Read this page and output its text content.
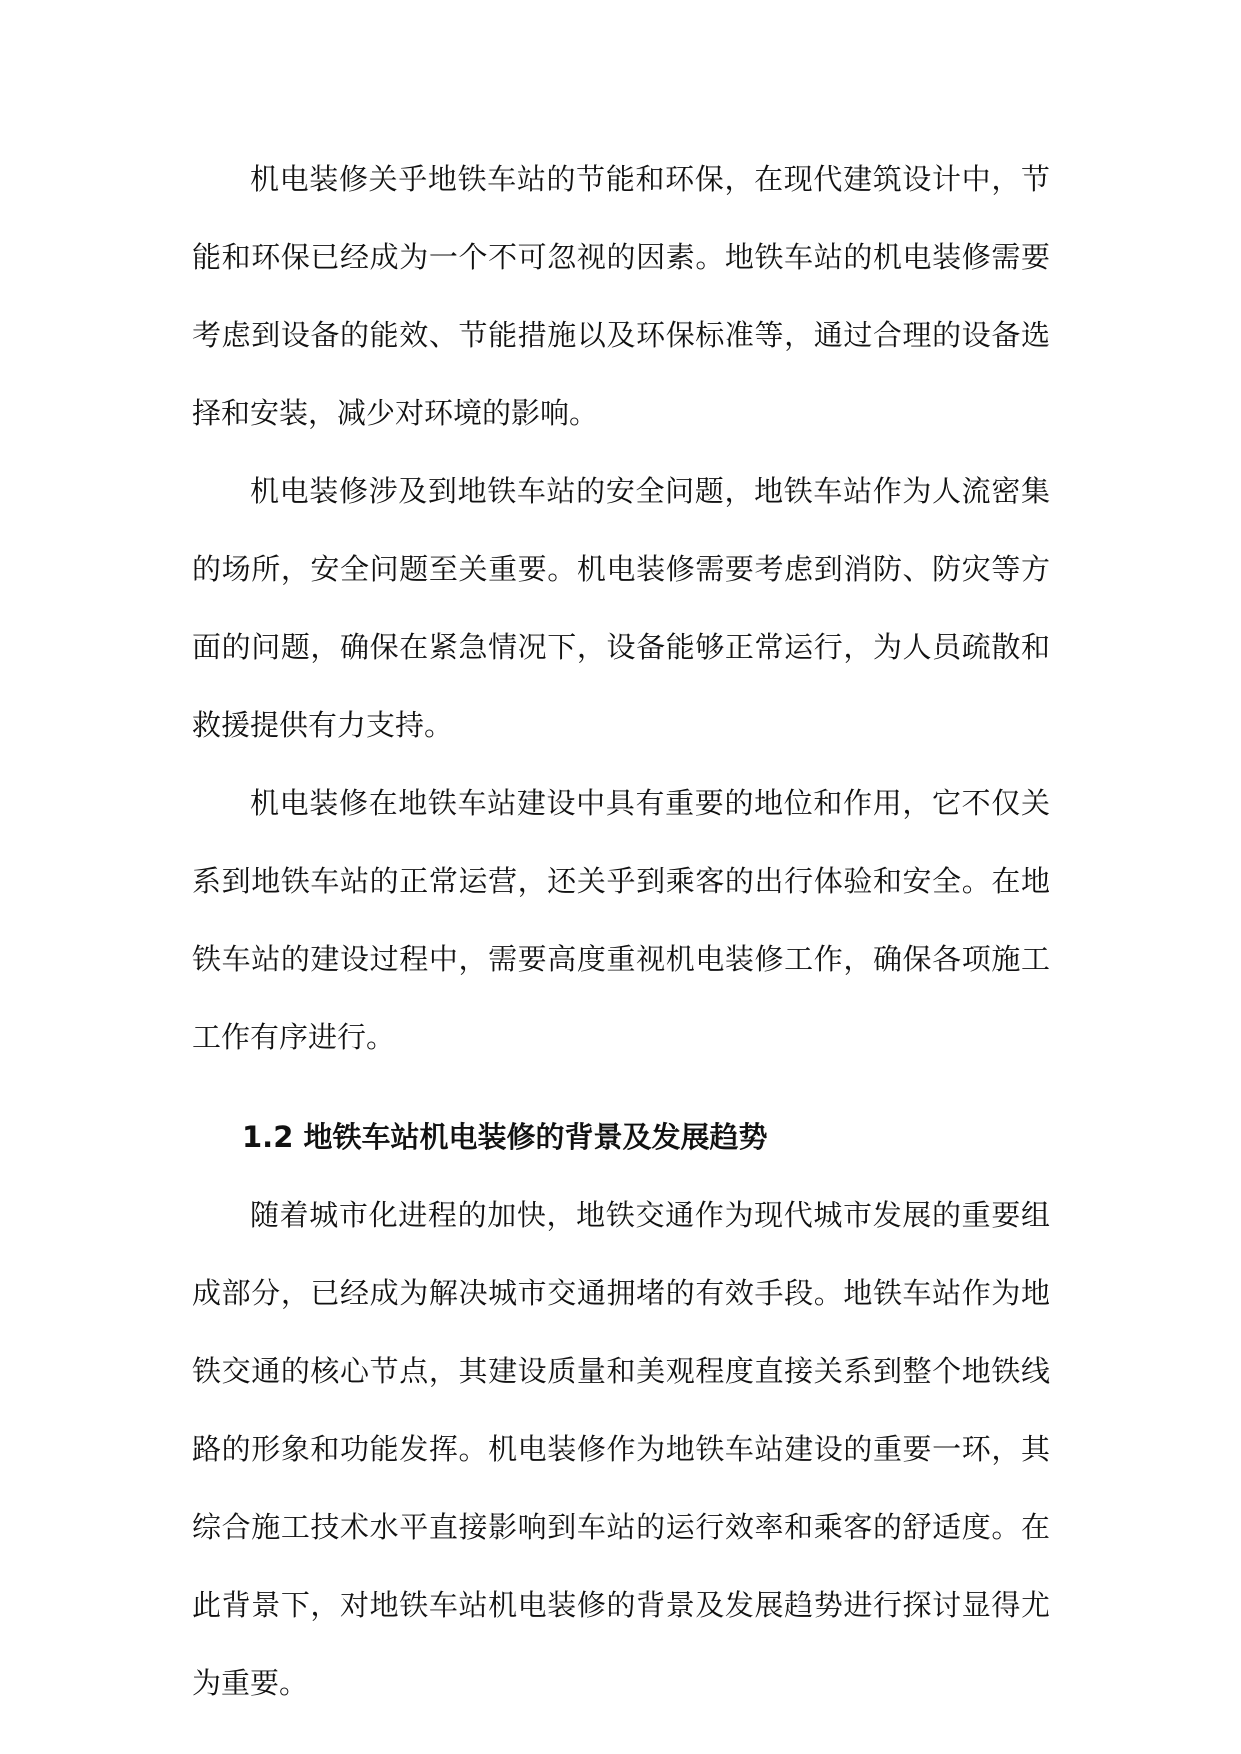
机电装修关乎地铁车站的节能和环保，在现代建筑设计中，节能和环保已经成为一个不可忽视的因素。地铁车站的机电装修需要考虑到设备的能效、节能措施以及环保标准等，通过合理的设备选择和安装，减少对环境的影响。

机电装修涉及到地铁车站的安全问题，地铁车站作为人流密集的场所，安全问题至关重要。机电装修需要考虑到消防、防灾等方面的问题，确保在紧急情况下，设备能够正常运行，为人员疏散和救援提供有力支持。

机电装修在地铁车站建设中具有重要的地位和作用，它不仅关系到地铁车站的正常运营，还关乎到乘客的出行体验和安全。在地铁车站的建设过程中，需要高度重视机电装修工作，确保各项施工工作有序进行。

1.2 地铁车站机电装修的背景及发展趋势

随着城市化进程的加快，地铁交通作为现代城市发展的重要组成部分，已经成为解决城市交通拥堵的有效手段。地铁车站作为地铁交通的核心节点，其建设质量和美观程度直接关系到整个地铁线路的形象和功能发挥。机电装修作为地铁车站建设的重要一环，其综合施工技术水平直接影响到车站的运行效率和乘客的舒适度。在此背景下，对地铁车站机电装修的背景及发展趋势进行探讨显得尤为重要。
